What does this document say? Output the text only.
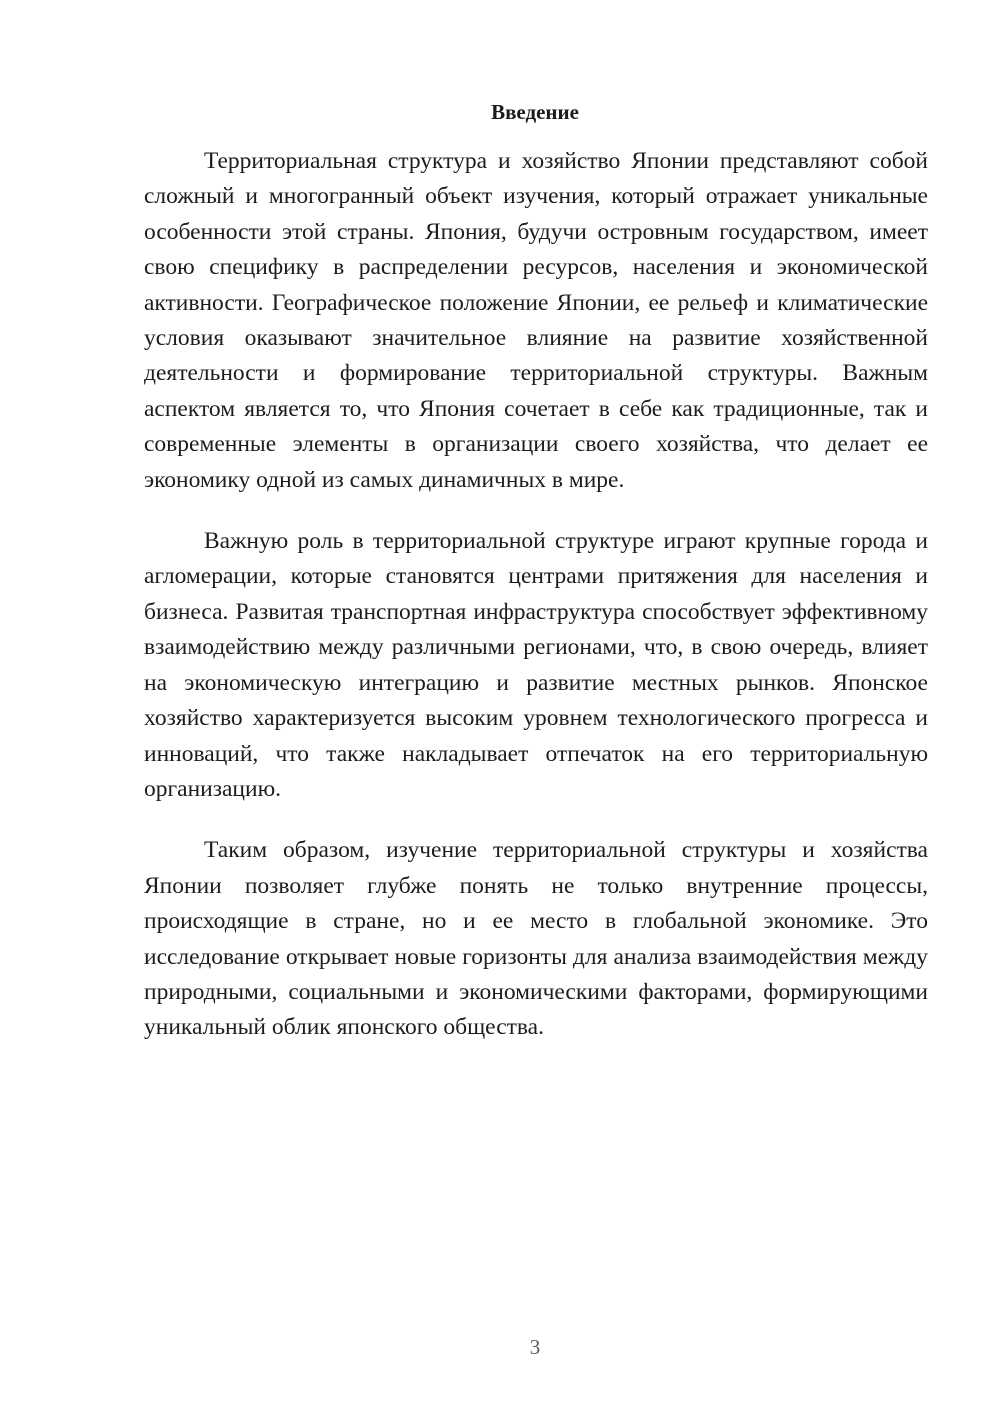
Введение

Территориальная структура и хозяйство Японии представляют собой сложный и многогранный объект изучения, который отражает уникальные особенности этой страны. Япония, будучи островным государством, имеет свою специфику в распределении ресурсов, населения и экономической активности. Географическое положение Японии, ее рельеф и климатические условия оказывают значительное влияние на развитие хозяйственной деятельности и формирование территориальной структуры. Важным аспектом является то, что Япония сочетает в себе как традиционные, так и современные элементы в организации своего хозяйства, что делает ее экономику одной из самых динамичных в мире.

Важную роль в территориальной структуре играют крупные города и агломерации, которые становятся центрами притяжения для населения и бизнеса. Развитая транспортная инфраструктура способствует эффективному взаимодействию между различными регионами, что, в свою очередь, влияет на экономическую интеграцию и развитие местных рынков. Японское хозяйство характеризуется высоким уровнем технологического прогресса и инноваций, что также накладывает отпечаток на его территориальную организацию.

Таким образом, изучение территориальной структуры и хозяйства Японии позволяет глубже понять не только внутренние процессы, происходящие в стране, но и ее место в глобальной экономике. Это исследование открывает новые горизонты для анализа взаимодействия между природными, социальными и экономическими факторами, формирующими уникальный облик японского общества.

3
